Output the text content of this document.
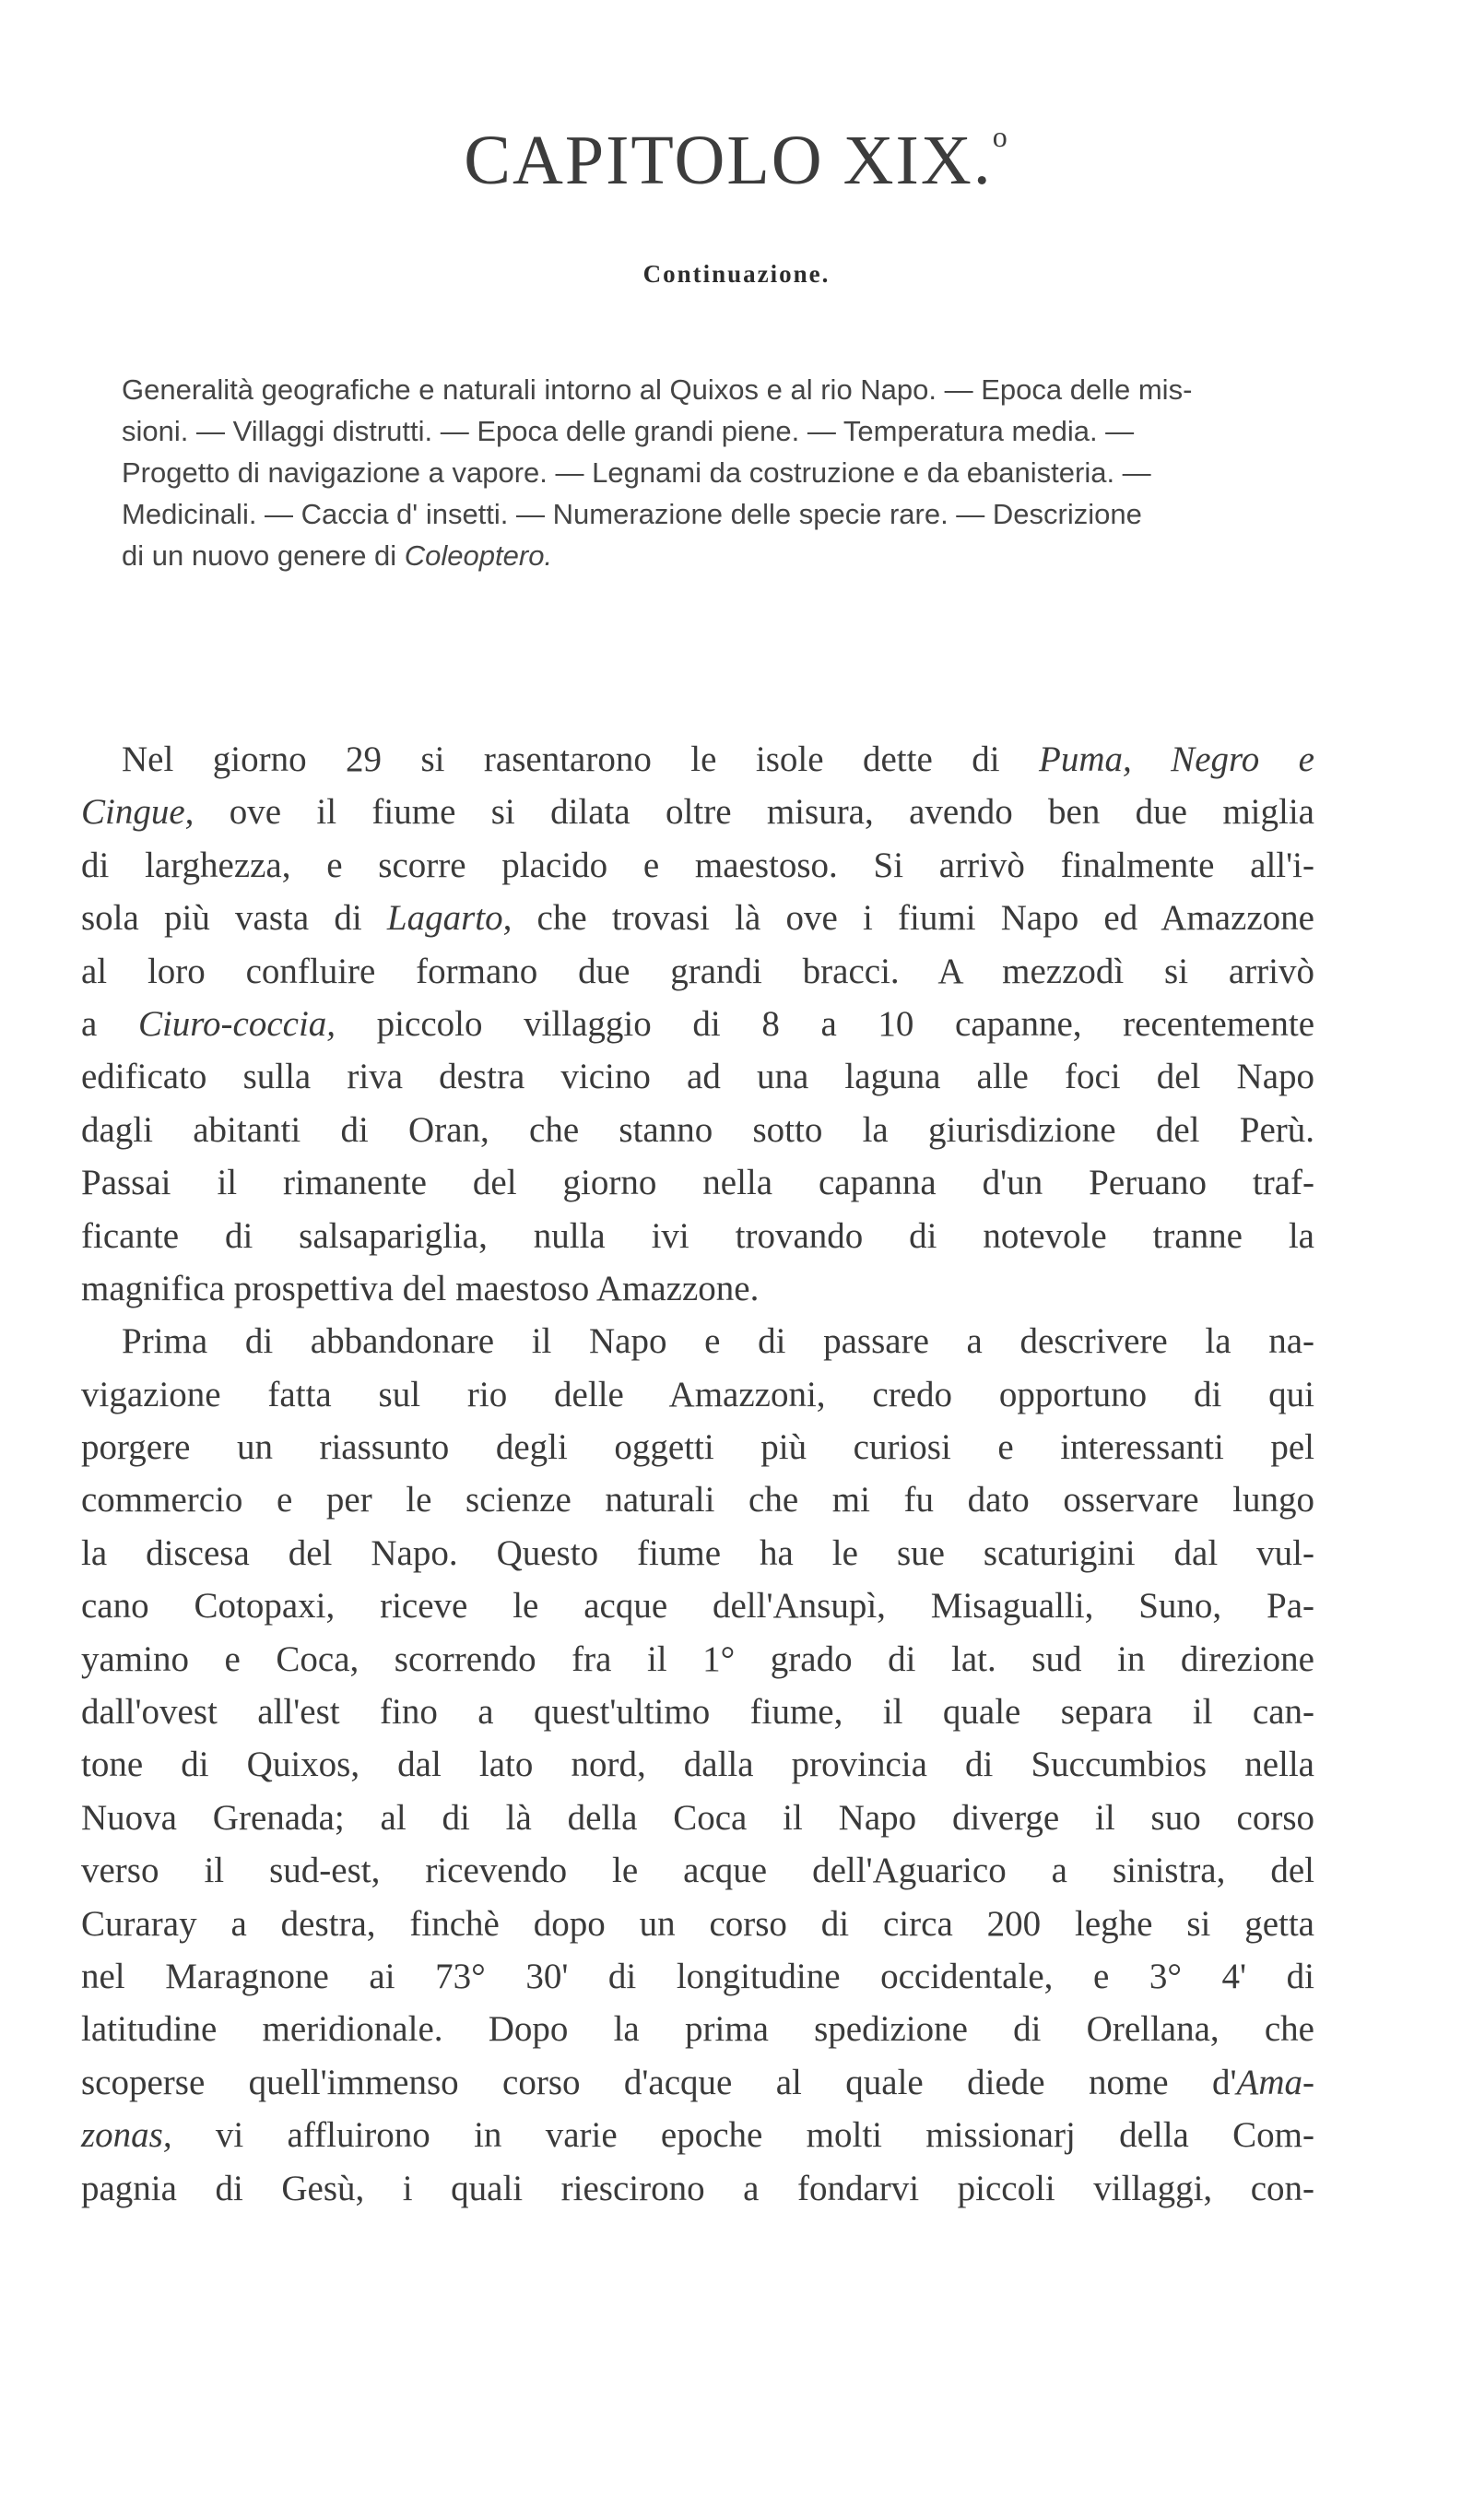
CAPITOLO XIX.$^o$
Continuazione.
Generalità geografiche e naturali intorno al Quixos e al rio Napo. — Epoca delle mis-
sioni. — Villaggi distrutti. — Epoca delle grandi piene. — Temperatura media. —
Progetto di navigazione a vapore. — Legnami da costruzione e da ebanisteria. —
Medicinali. — Caccia d' insetti. — Numerazione delle specie rare. — Descrizione
di un nuovo genere di Coleoptero.
Nel giorno 29 si rasentarono le isole dette di Puma, Negro e
Cingue, ove il fiume si dilata oltre misura, avendo ben due miglia
di larghezza, e scorre placido e maestoso. Si arrivò finalmente all'i-
sola più vasta di Lagarto, che trovasi là ove i fiumi Napo ed Amazzone
al loro confluire formano due grandi bracci. A mezzodì si arrivò
a Ciuro-coccia, piccolo villaggio di 8 a 10 capanne, recentemente
edificato sulla riva destra vicino ad una laguna alle foci del Napo
dagli abitanti di Oran, che stanno sotto la giurisdizione del Perù.
Passai il rimanente del giorno nella capanna d'un Peruano traf-
ficante di salsapariglia, nulla ivi trovando di notevole tranne la
magnifica prospettiva del maestoso Amazzone.
Prima di abbandonare il Napo e di passare a descrivere la na-
vigazione fatta sul rio delle Amazzoni, credo opportuno di qui
porgere un riassunto degli oggetti più curiosi e interessanti pel
commercio e per le scienze naturali che mi fu dato osservare lungo
la discesa del Napo. Questo fiume ha le sue scaturigini dal vul-
cano Cotopaxi, riceve le acque dell'Ansupì, Misagualli, Suno, Pa-
yamino e Coca, scorrendo fra il 1° grado di lat. sud in direzione
dall'ovest all'est fino a quest'ultimo fiume, il quale separa il can-
tone di Quixos, dal lato nord, dalla provincia di Succumbios nella
Nuova Grenada; al di là della Coca il Napo diverge il suo corso
verso il sud-est, ricevendo le acque dell'Aguarico a sinistra, del
Curaray a destra, finchè dopo un corso di circa 200 leghe si getta
nel Maragnone ai 73° 30' di longitudine occidentale, e 3° 4' di
latitudine meridionale. Dopo la prima spedizione di Orellana, che
scoperse quell'immenso corso d'acque al quale diede nome d'Ama-
zonas, vi affluirono in varie epoche molti missionarj della Com-
pagnia di Gesù, i quali riescirono a fondarvi piccoli villaggi, con-
